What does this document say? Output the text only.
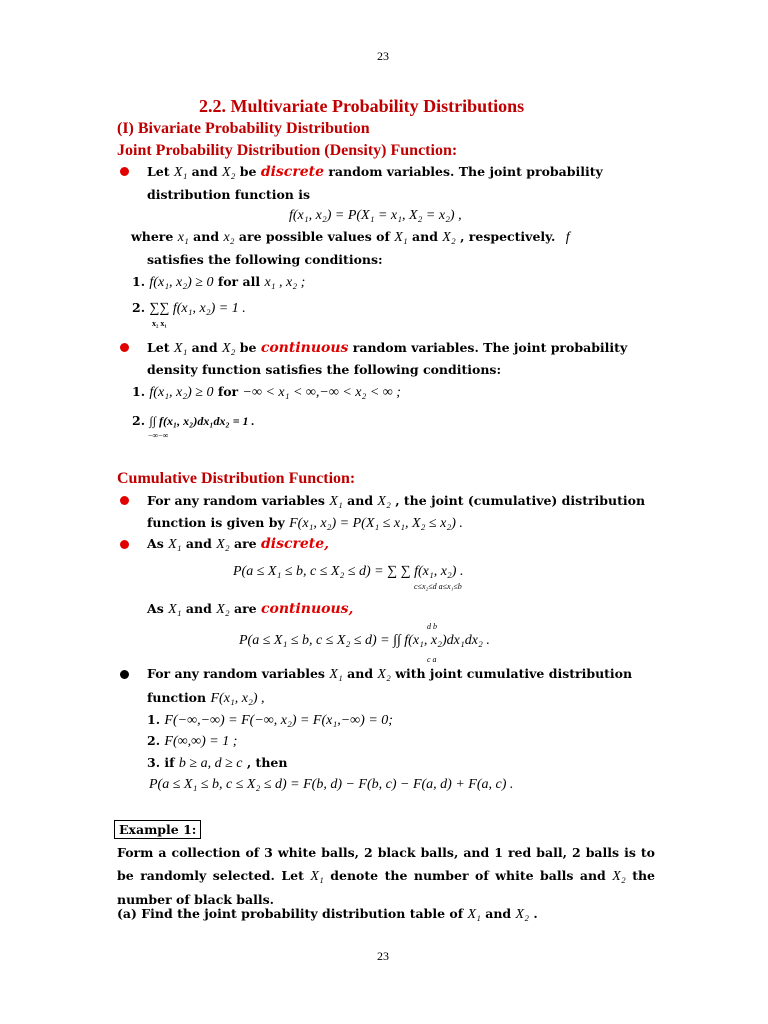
23
2.2. Multivariate Probability Distributions
(I) Bivariate Probability Distribution
Joint Probability Distribution (Density) Function:
Let X₁ and X₂ be discrete random variables. The joint probability
distribution function is
f(x₁, x₂) = P(X₁ = x₁, X₂ = x₂) ,
where x₁ and x₂ are possible values of X₁ and X₂ , respectively. f
satisfies the following conditions:
1. f(x₁, x₂) ≥ 0 for all x₁ , x₂ ;
2. ∑∑ f(x₁, x₂) = 1 .
x₂ x₁
Let X₁ and X₂ be continuous random variables. The joint probability
density function satisfies the following conditions:
1. f(x₁, x₂) ≥ 0 for −∞ < x₁ < ∞,−∞ < x₂ < ∞ ;
2. ∫∫ f(x₁, x₂)dx₁dx₂ = 1 .
−∞−∞
Cumulative Distribution Function:
For any random variables X₁ and X₂ , the joint (cumulative) distribution
function is given by F(x₁, x₂) = P(X₁ ≤ x₁, X₂ ≤ x₂) .
As X₁ and X₂ are discrete,
P(a ≤ X₁ ≤ b, c ≤ X₂ ≤ d) = ∑ ∑ f(x₁, x₂) .
c≤x₂≤d a≤x₁≤b
As X₁ and X₂ are continuous,
d b
P(a ≤ X₁ ≤ b, c ≤ X₂ ≤ d) = ∫∫ f(x₁, x₂)dx₁dx₂ .
c a
For any random variables X₁ and X₂ with joint cumulative distribution
function F(x₁, x₂) ,
1. F(−∞,−∞) = F(−∞, x₂) = F(x₁,−∞) = 0;
2. F(∞,∞) = 1 ;
3. if b ≥ a, d ≥ c , then
P(a ≤ X₁ ≤ b, c ≤ X₂ ≤ d) = F(b, d) − F(b, c) − F(a, d) + F(a, c) .
Example 1:
Form a collection of 3 white balls, 2 black balls, and 1 red ball, 2 balls is to be randomly selected. Let X₁ denote the number of white balls and X₂ the number of black balls.
(a) Find the joint probability distribution table of X₁ and X₂ .
23
